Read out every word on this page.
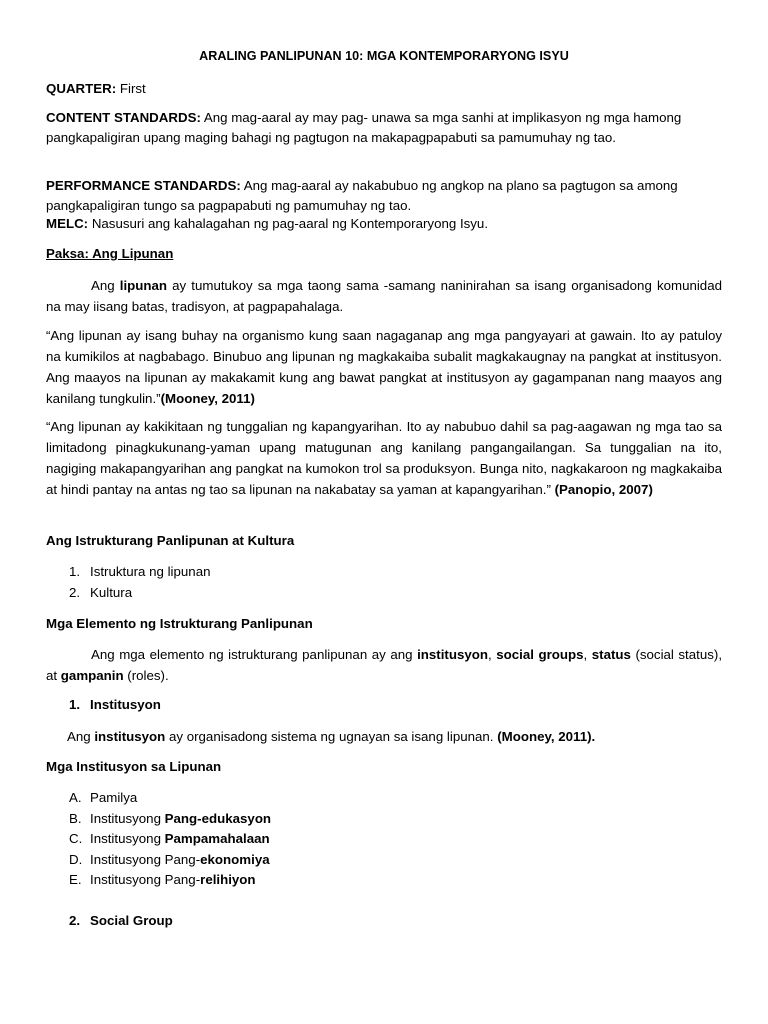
ARALING PANLIPUNAN 10: MGA KONTEMPORARYONG ISYU

QUARTER: First

CONTENT STANDARDS: Ang mag-aaral ay may pag- unawa sa mga sanhi at implikasyon ng mga hamong pangkapaligiran upang maging bahagi ng pagtugon na makapagpapabuti sa pamumuhay ng tao.

PERFORMANCE STANDARDS: Ang mag-aaral ay nakabubuo ng angkop na plano sa pagtugon sa among pangkapaligiran tungo sa pagpapabuti ng pamumuhay ng tao.

MELC: Nasusuri ang kahalagahan ng pag-aaral ng Kontemporaryong Isyu.

Paksa: Ang Lipunan

Ang lipunan ay tumutukoy sa mga taong sama -samang naninirahan sa isang organisadong komunidad na may iisang batas, tradisyon, at pagpapahalaga.

“Ang lipunan ay isang buhay na organismo kung saan nagaganap ang mga pangyayari at gawain. Ito ay patuloy na kumikilos at nagbabago. Binubuo ang lipunan ng magkakaiba subalit magkakaugnay na pangkat at institusyon. Ang maayos na lipunan ay makakamit kung ang bawat pangkat at institusyon ay gagampanan nang maayos ang kanilang tungkulin.”(Mooney, 2011)

“Ang lipunan ay kakikitaan ng tunggalian ng kapangyarihan. Ito ay nabubuo dahil sa pag-aagawan ng mga tao sa limitadong pinagkukunang-yaman upang matugunan ang kanilang pangangailangan. Sa tunggalian na ito, nagiging makapangyarihan ang pangkat na kumokon trol sa produksyon. Bunga nito, nagkakaroon ng magkakaiba at hindi pantay na antas ng tao sa lipunan na nakabatay sa yaman at kapangyarihan.” (Panopio, 2007)

Ang Istrukturang Panlipunan at Kultura

1. Istruktura ng lipunan
2. Kultura

Mga Elemento ng Istrukturang Panlipunan

Ang mga elemento ng istrukturang panlipunan ay ang institusyon, social groups, status (social status), at gampanin (roles).

1. Institusyon

Ang institusyon ay organisadong sistema ng ugnayan sa isang lipunan. (Mooney, 2011).

Mga Institusyon sa Lipunan

A. Pamilya
B. Institusyong Pang-edukasyon
C. Institusyong Pampamahalaan
D. Institusyong Pang-ekonomiya
E. Institusyong Pang-relihiyon
2. Social Group
